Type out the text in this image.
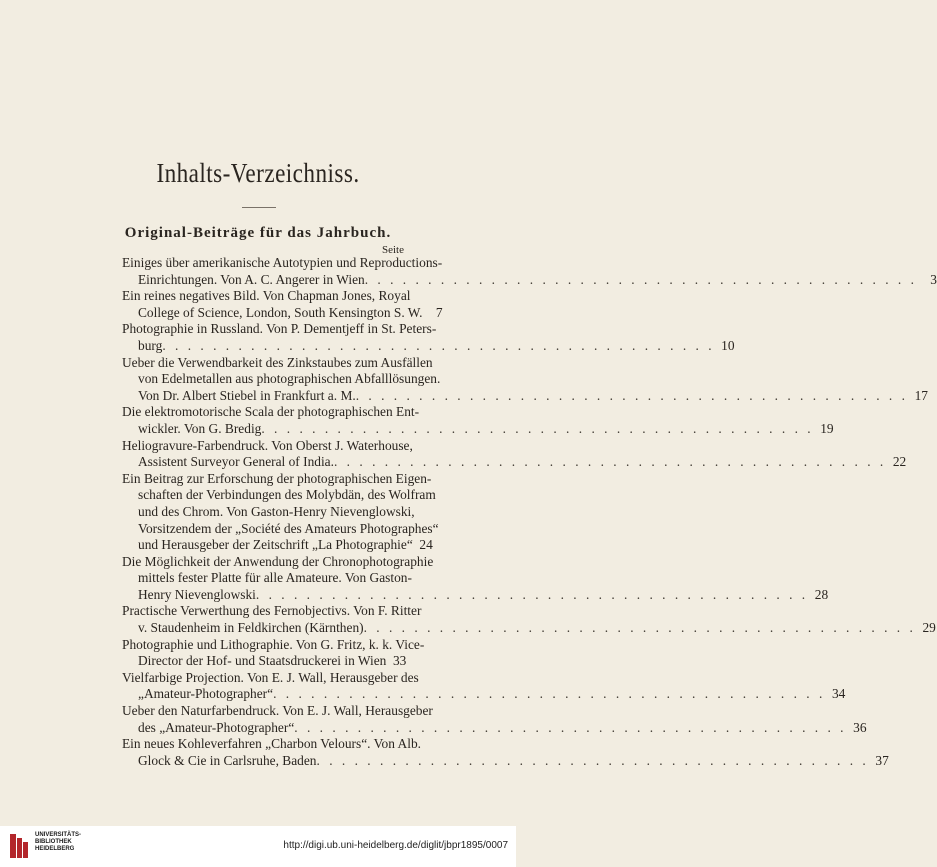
Inhalts-Verzeichniss.
Original-Beiträge für das Jahrbuch.
Seite
Einiges über amerikanische Autotypien und Reproductions-
Einrichtungen. Von A. C. Angerer in Wien . . .	3
Ein reines negatives Bild. Von Chapman Jones, Royal
College of Science, London, South Kensington S. W. 7
Photographie in Russland. Von P. Dementjeff in St. Peters-
burg . . .	10
Ueber die Verwendbarkeit des Zinkstaubes zum Ausfällen
von Edelmetallen aus photographischen Abfalllösungen.
Von Dr. Albert Stiebel in Frankfurt a. M. . . .	17
Die elektromotorische Scala der photographischen Ent-
wickler. Von G. Bredig . . .	19
Heliogravure-Farbendruck. Von Oberst J. Waterhouse,
Assistent Surveyor General of India. . . .	22
Ein Beitrag zur Erforschung der photographischen Eigen-
schaften der Verbindungen des Molybdän, des Wolfram
und des Chrom. Von Gaston-Henry Nievenglowski,
Vorsitzendem der „Société des Amateurs Photographes“
und Herausgeber der Zeitschrift „La Photographie“ 24
Die Möglichkeit der Anwendung der Chronophotographie
mittels fester Platte für alle Amateure. Von Gaston-
Henry Nievenglowski . . .	28
Practische Verwerthung des Fernobjectivs. Von F. Ritter
v. Staudenheim in Feldkirchen (Kärnthen) . . .	29
Photographie und Lithographie. Von G. Fritz, k. k. Vice-
Director der Hof- und Staatsdruckerei in Wien 33
Vielfarbige Projection. Von E. J. Wall, Herausgeber des
„Amateur-Photographer“ . . .	34
Ueber den Naturfarbendruck. Von E. J. Wall, Herausgeber
des „Amateur-Photographer“ . . .	36
Ein neues Kohleverfahren „Charbon Velours“. Von Alb.
Glock & Cie in Carlsruhe, Baden . . .	37
UNIVERSITÄTS-
BIBLIOTHEK
HEIDELBERG	http://digi.ub.uni-heidelberg.de/diglit/jbpr1895/0007
